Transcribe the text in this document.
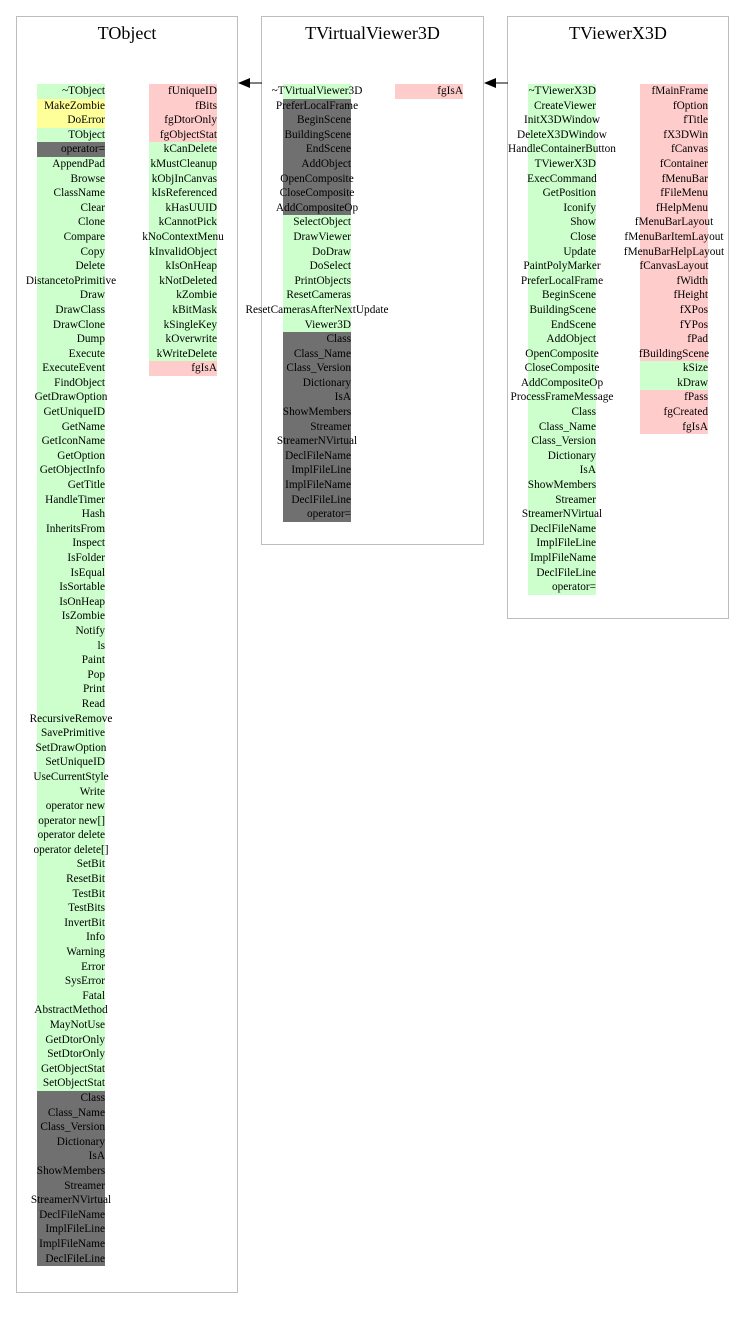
TObject
~TObject
MakeZombie
DoError
TObject
operator=
AppendPad
Browse
ClassName
Clear
Clone
Compare
Copy
Delete
DistancetoPrimitive
Draw
DrawClass
DrawClone
Dump
Execute
ExecuteEvent
FindObject
GetDrawOption
GetUniqueID
GetName
GetIconName
GetOption
GetObjectInfo
GetTitle
HandleTimer
Hash
InheritsFrom
Inspect
IsFolder
IsEqual
IsSortable
IsOnHeap
IsZombie
Notify
ls
Paint
Pop
Print
Read
RecursiveRemove
SavePrimitive
SetDrawOption
SetUniqueID
UseCurrentStyle
Write
operator new
operator new[]
operator delete
operator delete[]
SetBit
ResetBit
TestBit
TestBits
InvertBit
Info
Warning
Error
SysError
Fatal
AbstractMethod
MayNotUse
GetDtorOnly
SetDtorOnly
GetObjectStat
SetObjectStat
Class
Class_Name
Class_Version
Dictionary
IsA
ShowMembers
Streamer
StreamerNVirtual
DeclFileName
ImplFileLine
ImplFileName
DeclFileLine
fUniqueID
fBits
fgDtorOnly
fgObjectStat
kCanDelete
kMustCleanup
kObjInCanvas
kIsReferenced
kHasUUID
kCannotPick
kNoContextMenu
kInvalidObject
kIsOnHeap
kNotDeleted
kZombie
kBitMask
kSingleKey
kOverwrite
kWriteDelete
fgIsA
TVirtualViewer3D
~TVirtualViewer3D
PreferLocalFrame
BeginScene
BuildingScene
EndScene
AddObject
OpenComposite
CloseComposite
AddCompositeOp
SelectObject
DrawViewer
DoDraw
DoSelect
PrintObjects
ResetCameras
ResetCamerasAfterNextUpdate
Viewer3D
Class
Class_Name
Class_Version
Dictionary
IsA
ShowMembers
Streamer
StreamerNVirtual
DeclFileName
ImplFileLine
ImplFileName
DeclFileLine
operator=
fgIsA
TViewerX3D
~TViewerX3D
CreateViewer
InitX3DWindow
DeleteX3DWindow
HandleContainerButton
TViewerX3D
ExecCommand
GetPosition
Iconify
Show
Close
Update
PaintPolyMarker
PreferLocalFrame
BeginScene
BuildingScene
EndScene
AddObject
OpenComposite
CloseComposite
AddCompositeOp
ProcessFrameMessage
Class
Class_Name
Class_Version
Dictionary
IsA
ShowMembers
Streamer
StreamerNVirtual
DeclFileName
ImplFileLine
ImplFileName
DeclFileLine
operator=
fMainFrame
fOption
fTitle
fX3DWin
fCanvas
fContainer
fMenuBar
fFileMenu
fHelpMenu
fMenuBarLayout
fMenuBarItemLayout
fMenuBarHelpLayout
fCanvasLayout
fWidth
fHeight
fXPos
fYPos
fPad
fBuildingScene
kSize
kDraw
fPass
fgCreated
fgIsA
